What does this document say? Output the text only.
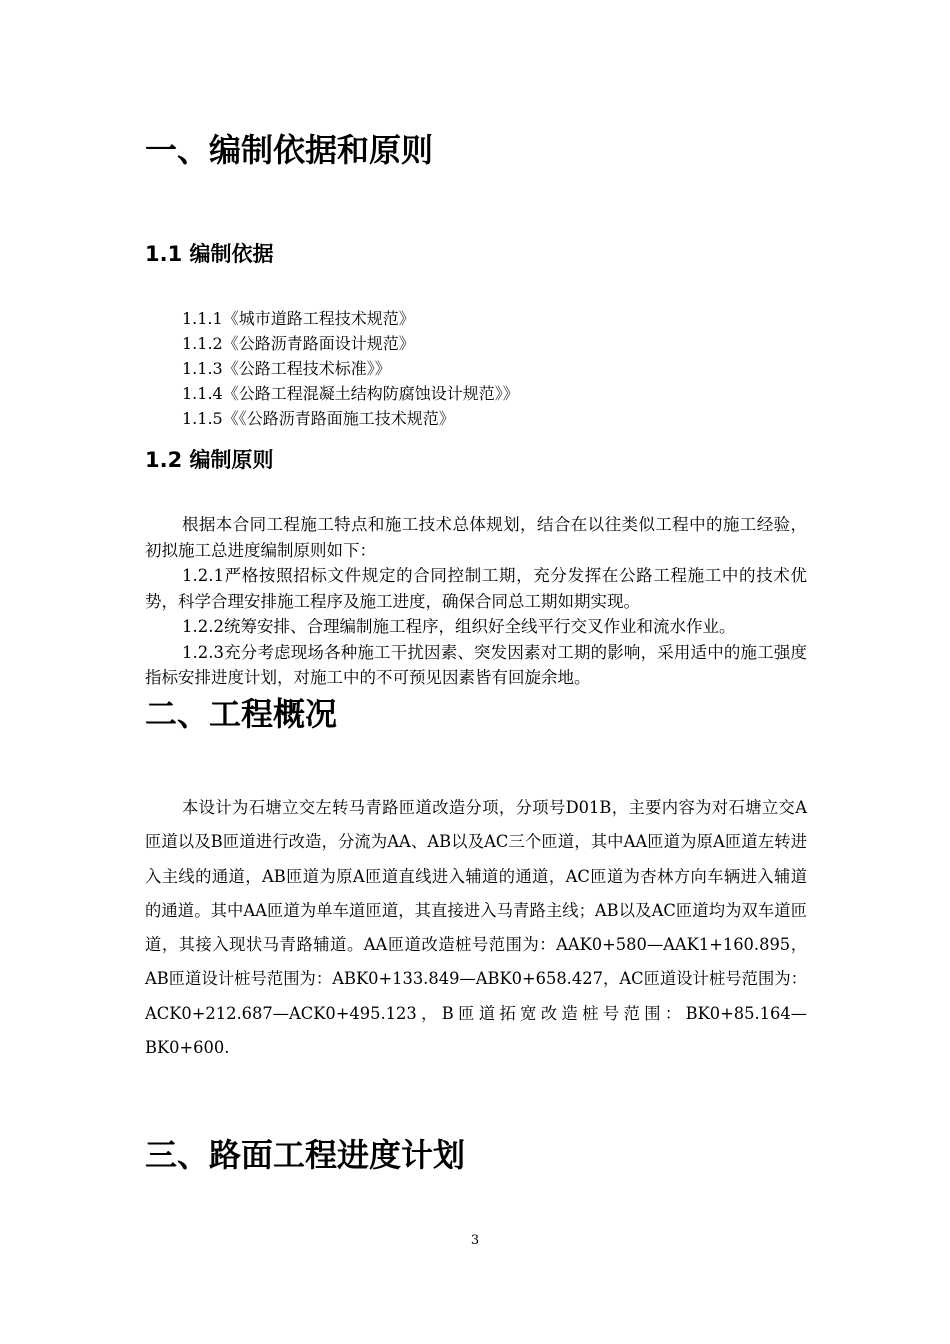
一、编制依据和原则
1.1 编制依据
1.1.1《城市道路工程技术规范》
1.1.2《公路沥青路面设计规范》
1.1.3《公路工程技术标准》》
1.1.4《公路工程混凝土结构防腐蚀设计规范》》
1.1.5《《公路沥青路面施工技术规范》
1.2 编制原则

根据本合同工程施工特点和施工技术总体规划，结合在以往类似工程中的施工经验，初拟施工总进度编制原则如下：

1.2.1严格按照招标文件规定的合同控制工期，充分发挥在公路工程施工中的技术优势，科学合理安排施工程序及施工进度，确保合同总工期如期实现。

1.2.2统筹安排、合理编制施工程序，组织好全线平行交叉作业和流水作业。

1.2.3充分考虑现场各种施工干扰因素、突发因素对工期的影响，采用适中的施工强度指标安排进度计划，对施工中的不可预见因素皆有回旋余地。

二、工程概况

本设计为石塘立交左转马青路匝道改造分项，分项号D01B，主要内容为对石塘立交A匝道以及B匝道进行改造，分流为AA、AB以及AC三个匝道，其中AA匝道为原A匝道左转进入主线的通道，AB匝道为原A匝道直线进入辅道的通道，AC匝道为杏林方向车辆进入辅道的通道。其中AA匝道为单车道匝道，其直接进入马青路主线；AB以及AC匝道均为双车道匝道，其接入现状马青路辅道。AA匝道改造桩号范围为：AAK0+580—AAK1+160.895，AB匝道设计桩号范围为：ABK0+133.849—ABK0+658.427，AC匝道设计桩号范围为：ACK0+212.687—ACK0+495.123，B匝道拓宽改造桩号范围：BK0+85.164—BK0+600.

三、路面工程进度计划
3
